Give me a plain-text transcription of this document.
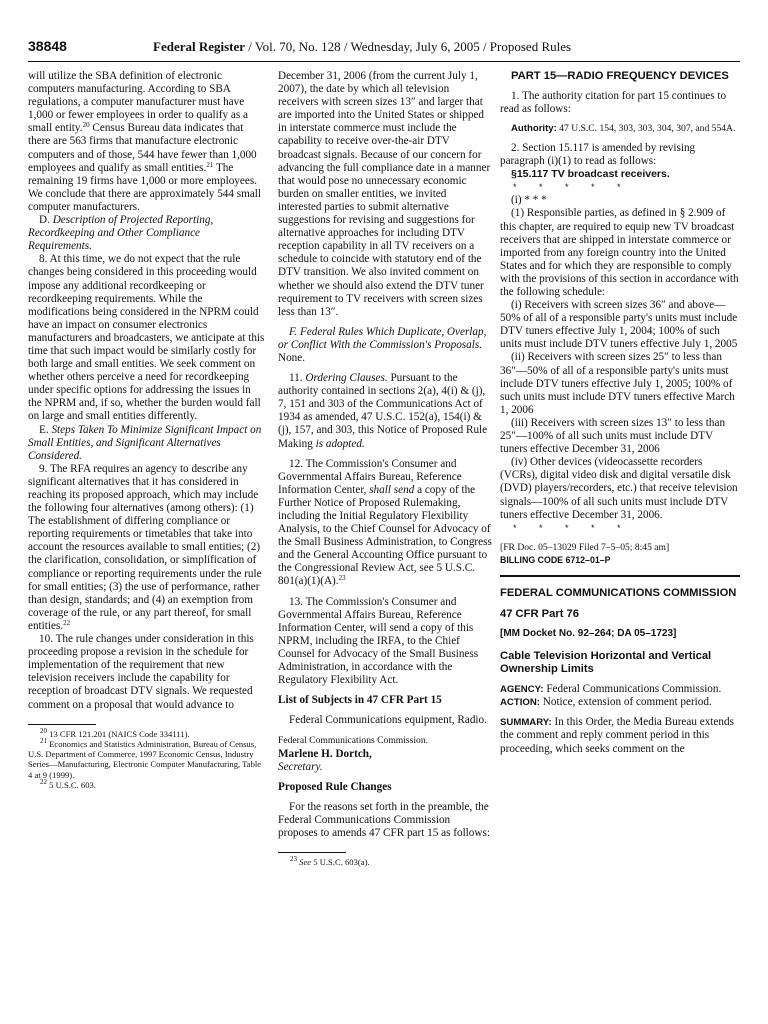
38848	Federal Register / Vol. 70, No. 128 / Wednesday, July 6, 2005 / Proposed Rules

will utilize the SBA definition of electronic computers manufacturing. According to SBA regulations, a computer manufacturer must have 1,000 or fewer employees in order to qualify as a small entity.$^{20}$ Census Bureau data indicates that there are 563 firms that manufacture electronic computers and of those, 544 have fewer than 1,000 employees and qualify as small entities.$^{21}$ The remaining 19 firms have 1,000 or more employees. We conclude that there are approximately 544 small computer manufacturers.

D. Description of Projected Reporting, Recordkeeping and Other Compliance Requirements.

8. At this time, we do not expect that the rule changes being considered in this proceeding would impose any additional recordkeeping or recordkeeping requirements. While the modifications being considered in the NPRM could have an impact on consumer electronics manufacturers and broadcasters, we anticipate at this time that such impact would be similarly costly for both large and small entities. We seek comment on whether others perceive a need for recordkeeping under specific options for addressing the issues in the NPRM and, if so, whether the burden would fall on large and small entities differently.

E. Steps Taken To Minimize Significant Impact on Small Entities, and Significant Alternatives Considered.

9. The RFA requires an agency to describe any significant alternatives that it has considered in reaching its proposed approach, which may include the following four alternatives (among others): (1) The establishment of differing compliance or reporting requirements or timetables that take into account the resources available to small entities; (2) the clarification, consolidation, or simplification of compliance or reporting requirements under the rule for small entities; (3) the use of performance, rather than design, standards; and (4) an exemption from coverage of the rule, or any part thereof, for small entities.$^{22}$

10. The rule changes under consideration in this proceeding propose a revision in the schedule for implementation of the requirement that new television receivers include the capability for reception of broadcast DTV signals. We requested comment on a proposal that would advance to

$^{20}$ 13 CFR 121.201 (NAICS Code 334111).

$^{21}$ Economics and Statistics Administration, Bureau of Census, U.S. Department of Commerce, 1997 Economic Census, Industry Series—Manufacturing, Electronic Computer Manufacturing, Table 4 at 9 (1999).

$^{22}$ 5 U.S.C. 603.

December 31, 2006 (from the current July 1, 2007), the date by which all television receivers with screen sizes 13″ and larger that are imported into the United States or shipped in interstate commerce must include the capability to receive over-the-air DTV broadcast signals. Because of our concern for advancing the full compliance date in a manner that would pose no unnecessary economic burden on smaller entities, we invited interested parties to submit alternative suggestions for revising and suggestions for alternative approaches for including DTV reception capability in all TV receivers on a schedule to coincide with statutory end of the DTV transition. We also invited comment on whether we should also extend the DTV tuner requirement to TV receivers with screen sizes less than 13″.

F. Federal Rules Which Duplicate, Overlap, or Conflict With the Commission's Proposals. None.

11. Ordering Clauses. Pursuant to the authority contained in sections 2(a), 4(i) & (j), 7, 151 and 303 of the Communications Act of 1934 as amended, 47 U.S.C. 152(a), 154(i) & (j), 157, and 303, this Notice of Proposed Rule Making is adopted.

12. The Commission's Consumer and Governmental Affairs Bureau, Reference Information Center, shall send a copy of the Further Notice of Proposed Rulemaking, including the Initial Regulatory Flexibility Analysis, to the Chief Counsel for Advocacy of the Small Business Administration, to Congress and the General Accounting Office pursuant to the Congressional Review Act, see 5 U.S.C. 801(a)(1)(A).$^{23}$

13. The Commission's Consumer and Governmental Affairs Bureau, Reference Information Center, will send a copy of this NPRM, including the IRFA, to the Chief Counsel for Advocacy of the Small Business Administration, in accordance with the Regulatory Flexibility Act.

List of Subjects in 47 CFR Part 15

Federal Communications equipment, Radio.

Federal Communications Commission.

Marlene H. Dortch,

Secretary.

Proposed Rule Changes

For the reasons set forth in the preamble, the Federal Communications Commission proposes to amends 47 CFR part 15 as follows:

$^{23}$ See 5 U.S.C. 603(a).

PART 15—RADIO FREQUENCY DEVICES

1. The authority citation for part 15 continues to read as follows:

Authority: 47 U.S.C. 154, 303, 303, 304, 307, and 554A.

2. Section 15.117 is amended by revising paragraph (i)(1) to read as follows:

§15.117 TV broadcast receivers.

* * * * *

(i) * * *

(1) Responsible parties, as defined in § 2.909 of this chapter, are required to equip new TV broadcast receivers that are shipped in interstate commerce or imported from any foreign country into the United States and for which they are responsible to comply with the provisions of this section in accordance with the following schedule:

(i) Receivers with screen sizes 36″ and above—50% of all of a responsible party's units must include DTV tuners effective July 1, 2004; 100% of such units must include DTV tuners effective July 1, 2005

(ii) Receivers with screen sizes 25″ to less than 36″—50% of all of a responsible party's units must include DTV tuners effective July 1, 2005; 100% of such units must include DTV tuners effective March 1, 2006

(iii) Receivers with screen sizes 13″ to less than 25″—100% of all such units must include DTV tuners effective December 31, 2006

(iv) Other devices (videocassette recorders (VCRs), digital video disk and digital versatile disk (DVD) players/recorders, etc.) that receive television signals—100% of all such units must include DTV tuners effective December 31, 2006.

* * * * *

[FR Doc. 05–13029 Filed 7–5–05; 8:45 am]

BILLING CODE 6712–01–P

FEDERAL COMMUNICATIONS COMMISSION

47 CFR Part 76

[MM Docket No. 92–264; DA 05–1723]

Cable Television Horizontal and Vertical Ownership Limits

AGENCY: Federal Communications Commission.

ACTION: Notice, extension of comment period.

SUMMARY: In this Order, the Media Bureau extends the comment and reply comment period in this proceeding, which seeks comment on the
